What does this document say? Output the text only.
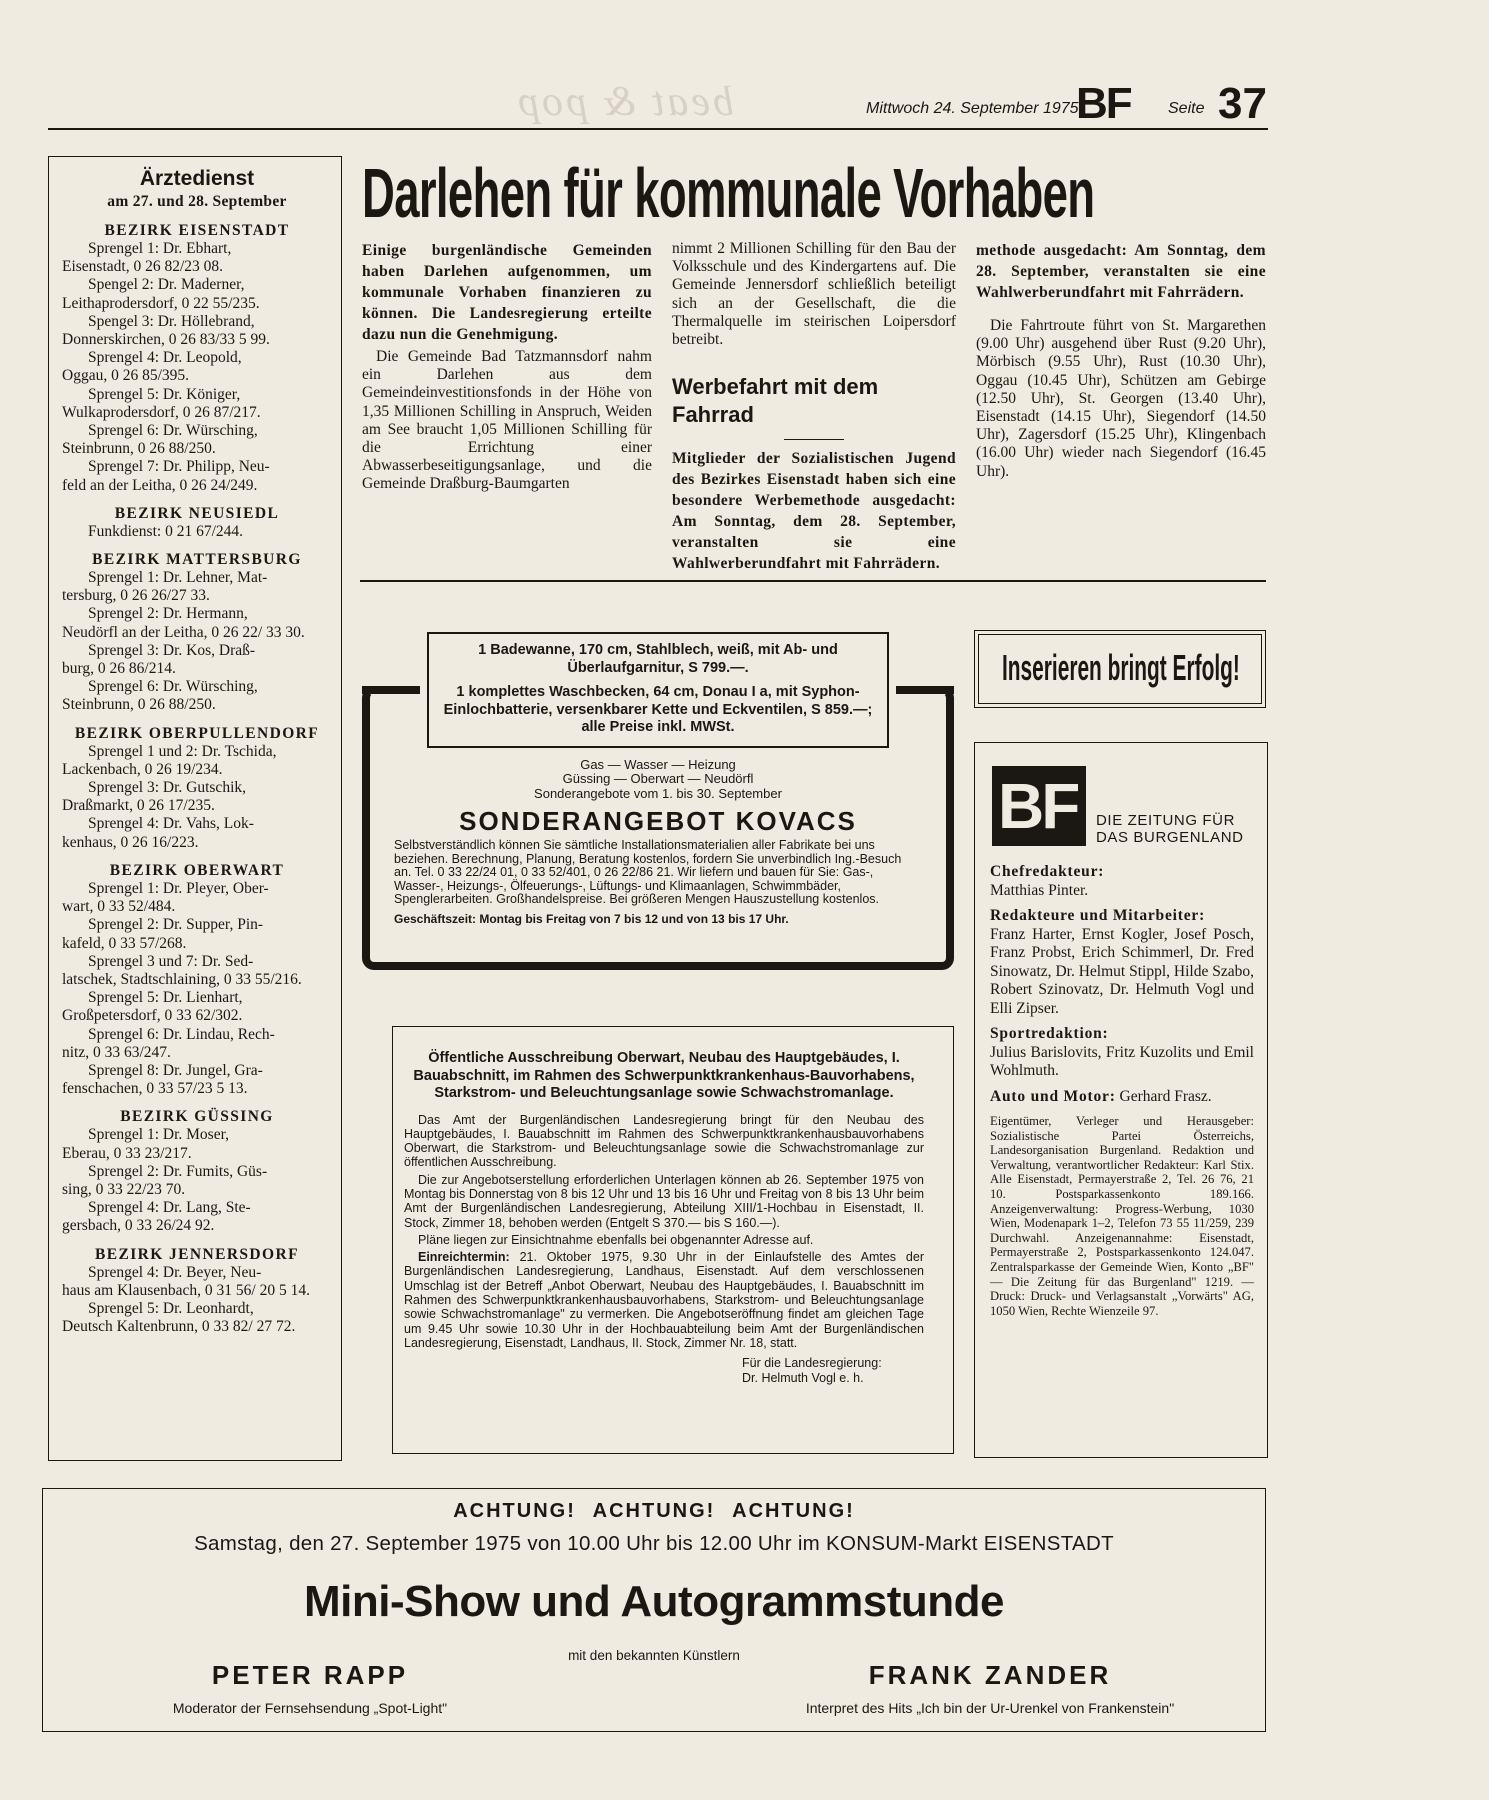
beat & pop	Mittwoch 24. September 1975
BF Seite 37
Ärztedienst
am 27. und 28. September
BEZIRK EISENSTADT
Sprengel 1: Dr. Ebhart,
Eisenstadt, 0 26 82/23 08.
Spengel 2: Dr. Maderner,
Leithaprodersdorf, 0 22 55/235.
Spengel 3: Dr. Höllebrand,
Donnerskirchen, 0 26 83/33 5 99.
Sprengel 4: Dr. Leopold,
Oggau, 0 26 85/395.
Sprengel 5: Dr. Königer,
Wulkaprodersdorf, 0 26 87/217.
Sprengel 6: Dr. Würsching,
Steinbrunn, 0 26 88/250.
Sprengel 7: Dr. Philipp, Neu-
feld an der Leitha, 0 26 24/249.
BEZIRK NEUSIEDL
Funkdienst: 0 21 67/244.
BEZIRK MATTERSBURG
Sprengel 1: Dr. Lehner, Mat-
tersburg, 0 26 26/27 33.
Sprengel 2: Dr. Hermann,
Neudörfl an der Leitha, 0 26 22/ 33 30.
Sprengel 3: Dr. Kos, Draß-
burg, 0 26 86/214.
Sprengel 6: Dr. Würsching,
Steinbrunn, 0 26 88/250.
BEZIRK OBERPULLENDORF
Sprengel 1 und 2: Dr. Tschida,
Lackenbach, 0 26 19/234.
Sprengel 3: Dr. Gutschik,
Draßmarkt, 0 26 17/235.
Sprengel 4: Dr. Vahs, Lok-
kenhaus, 0 26 16/223.
BEZIRK OBERWART
Sprengel 1: Dr. Pleyer, Ober-
wart, 0 33 52/484.
Sprengel 2: Dr. Supper, Pin-
kafeld, 0 33 57/268.
Sprengel 3 und 7: Dr. Sed-
latschek, Stadtschlaining, 0 33 55/216.
Sprengel 5: Dr. Lienhart,
Großpetersdorf, 0 33 62/302.
Sprengel 6: Dr. Lindau, Rech-
nitz, 0 33 63/247.
Sprengel 8: Dr. Jungel, Gra-
fenschachen, 0 33 57/23 5 13.
BEZIRK GÜSSING
Sprengel 1: Dr. Moser,
Eberau, 0 33 23/217.
Sprengel 2: Dr. Fumits, Güs-
sing, 0 33 22/23 70.
Sprengel 4: Dr. Lang, Ste-
gersbach, 0 33 26/24 92.
BEZIRK JENNERSDORF
Sprengel 4: Dr. Beyer, Neu-
haus am Klausenbach, 0 31 56/ 20 5 14.
Sprengel 5: Dr. Leonhardt,
Deutsch Kaltenbrunn, 0 33 82/ 27 72.
Darlehen für kommunale Vorhaben
Einige burgenländische Gemeinden haben Darlehen aufgenommen, um kommunale Vorhaben finanzieren zu können. Die Landesregierung erteilte dazu nun die Genehmigung.
Die Gemeinde Bad Tatzmannsdorf nahm ein Darlehen aus dem Gemeindeinvestitionsfonds in der Höhe von 1,35 Millionen Schilling in Anspruch, Weiden am See braucht 1,05 Millionen Schilling für die Errichtung einer Abwasserbeseitigungsanlage, und die Gemeinde Draßburg-Baumgarten
nimmt 2 Millionen Schilling für den Bau der Volksschule und des Kindergartens auf. Die Gemeinde Jennersdorf schließlich beteiligt sich an der Gesellschaft, die die Thermalquelle im steirischen Loipersdorf betreibt.
Werbefahrt mit dem Fahrrad
Mitglieder der Sozialistischen Jugend des Bezirkes Eisenstadt haben sich eine besondere Werbemethode ausgedacht: Am Sonntag, dem 28. September, veranstalten sie eine Wahlwerberundfahrt mit Fahrrädern.
methode ausgedacht: Am Sonntag, dem 28. September, veranstalten sie eine Wahlwerberundfahrt mit Fahrrädern.
Die Fahrtroute führt von St. Margarethen (9.00 Uhr) ausgehend über Rust (9.20 Uhr), Mörbisch (9.55 Uhr), Rust (10.30 Uhr), Oggau (10.45 Uhr), Schützen am Gebirge (12.50 Uhr), St. Georgen (13.40 Uhr), Eisenstadt (14.15 Uhr), Siegendorf (14.50 Uhr), Zagersdorf (15.25 Uhr), Klingenbach (16.00 Uhr) wieder nach Siegendorf (16.45 Uhr).
1 Badewanne, 170 cm, Stahlblech, weiß, mit Ab- und Überlaufgarnitur, S 799.—.
1 komplettes Waschbecken, 64 cm, Donau I a, mit Syphon-Einlochbatterie, versenkbarer Kette und Eckventilen, S 859.—; alle Preise inkl. MWSt.
Gas — Wasser — Heizung
Güssing — Oberwart — Neudörfl
Sonderangebote vom 1. bis 30. September
SONDERANGEBOT KOVACS
Selbstverständlich können Sie sämtliche Installationsmaterialien aller Fabrikate bei uns beziehen. Berechnung, Planung, Beratung kostenlos, fordern Sie unverbindlich Ing.-Besuch an. Tel. 0 33 22/24 01, 0 33 52/401, 0 26 22/86 21. Wir liefern und bauen für Sie: Gas-, Wasser-, Heizungs-, Ölfeuerungs-, Lüftungs- und Klimaanlagen, Schwimmbäder, Spenglerarbeiten. Großhandelspreise. Bei größeren Mengen Hauszustellung kostenlos.
Geschäftszeit: Montag bis Freitag von 7 bis 12 und von 13 bis 17 Uhr.
Öffentliche Ausschreibung Oberwart, Neubau des Hauptgebäudes, I. Bauabschnitt, im Rahmen des Schwerpunktkrankenhaus-Bauvorhabens, Starkstrom- und Beleuchtungsanlage sowie Schwachstromanlage.
Das Amt der Burgenländischen Landesregierung bringt für den Neubau des Hauptgebäudes, I. Bauabschnitt im Rahmen des Schwerpunktkrankenhausbauvorhabens Oberwart, die Starkstrom- und Beleuchtungsanlage sowie die Schwachstromanlage zur öffentlichen Ausschreibung.
Die zur Angebotserstellung erforderlichen Unterlagen können ab 26. September 1975 von Montag bis Donnerstag von 8 bis 12 Uhr und 13 bis 16 Uhr und Freitag von 8 bis 13 Uhr beim Amt der Burgenländischen Landesregierung, Abteilung XIII/1-Hochbau in Eisenstadt, II. Stock, Zimmer 18, behoben werden (Entgelt S 370.— bis S 160.—).
Pläne liegen zur Einsichtnahme ebenfalls bei obgenannter Adresse auf.
Einreichtermin: 21. Oktober 1975, 9.30 Uhr in der Einlaufstelle des Amtes der Burgenländischen Landesregierung, Landhaus, Eisenstadt. Auf dem verschlossenen Umschlag ist der Betreff „Anbot Oberwart, Neubau des Hauptgebäudes, I. Bauabschnitt im Rahmen des Schwerpunktkrankenhausbauvorhabens, Starkstrom- und Beleuchtungsanlage sowie Schwachstromanlage" zu vermerken. Die Angebotseröffnung findet am gleichen Tage um 9.45 Uhr sowie 10.30 Uhr in der Hochbauabteilung beim Amt der Burgenländischen Landesregierung, Eisenstadt, Landhaus, II. Stock, Zimmer Nr. 18, statt.
Für die Landesregierung:
Dr. Helmuth Vogl e. h.
Inserieren bringt Erfolg!
BF DIE ZEITUNG FÜR
DAS BURGENLAND
Chefredakteur:
Matthias Pinter.
Redakteure und Mitarbeiter:
Franz Harter, Ernst Kogler, Josef Posch, Franz Probst, Erich Schimmerl, Dr. Fred Sinowatz, Dr. Helmut Stippl, Hilde Szabo, Robert Szinovatz, Dr. Helmuth Vogl und Elli Zipser.
Sportredaktion:
Julius Barislovits, Fritz Kuzolits und Emil Wohlmuth.
Auto und Motor: Gerhard Frasz.
Eigentümer, Verleger und Herausgeber: Sozialistische Partei Österreichs, Landesorganisation Burgenland. Redaktion und Verwaltung, verantwortlicher Redakteur: Karl Stix. Alle Eisenstadt, Permayerstraße 2, Tel. 26 76, 21 10. Postsparkassenkonto 189.166. Anzeigenverwaltung: Progress-Werbung, 1030 Wien, Modenapark 1–2, Telefon 73 55 11/259, 239 Durchwahl. Anzeigenannahme: Eisenstadt, Permayerstraße 2, Postsparkassenkonto 124.047. Zentralsparkasse der Gemeinde Wien, Konto „BF" — Die Zeitung für das Burgenland" 1219. — Druck: Druck- und Verlagsanstalt „Vorwärts" AG, 1050 Wien, Rechte Wienzeile 97.
ACHTUNG! ACHTUNG! ACHTUNG!
Samstag, den 27. September 1975 von 10.00 Uhr bis 12.00 Uhr im KONSUM-Markt EISENSTADT
Mini-Show und Autogrammstunde
mit den bekannten Künstlern
PETER RAPP
Moderator der Fernsehsendung „Spot-Light"
FRANK ZANDER
Interpret des Hits „Ich bin der Ur-Urenkel von Frankenstein"
